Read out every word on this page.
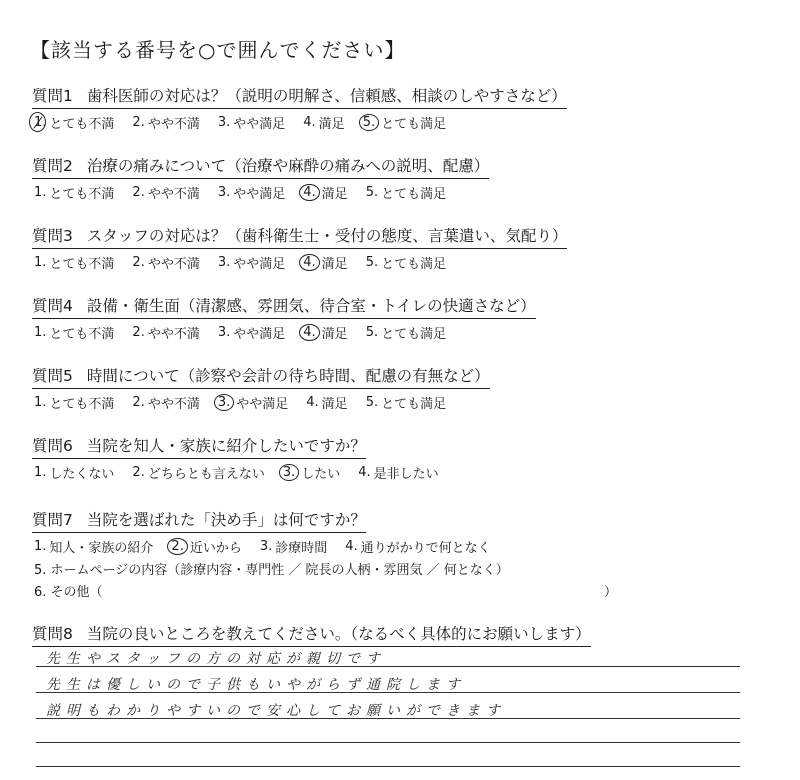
【該当する番号を○で囲んでください】
質問1 歯科医師の対応は？（説明の明解さ、信頼感、相談のしやすさなど）
1. とても不満 2. やや不満 3. やや満足 4. 満足	5. とても満足
質問2 治療の痛みについて（治療や麻酔の痛みへの説明、配慮）
1. とても不満 2. やや不満 3. やや満足	4. 満足 5. とても満足
質問3 スタッフの対応は？（歯科衛生士・受付の態度、言葉遣い、気配り）
1. とても不満 2. やや不満 3. やや満足	4. 満足 5. とても満足
質問4 設備・衛生面（清潔感、雰囲気、待合室・トイレの快適さなど）
1. とても不満 2. やや不満 3. やや満足	4. 満足 5. とても満足
質問5 時間について（診察や会計の待ち時間、配慮の有無など）
1. とても不満 2. やや不満	3. やや満足 4. 満足 5. とても満足
質問6 当院を知人・家族に紹介したいですか？
1. したくない 2. どちらとも言えない	3. したい 4. 是非したい
質問7 当院を選ばれた「決め手」は何ですか？
1. 知人・家族の紹介	2. 近いから 3. 診療時間 4. 通りがかりで何となく
5. ホームページの内容（診療内容・専門性 ／ 院長の人柄・雰囲気 ／ 何となく）
6. その他（	）
質問8 当院の良いところを教えてください。（なるべく具体的にお願いします）
先生やスタッフの方の対応が親切です
先生は優しいので子供もいやがらず通院します
説明もわかりやすいので安心してお願いができます
